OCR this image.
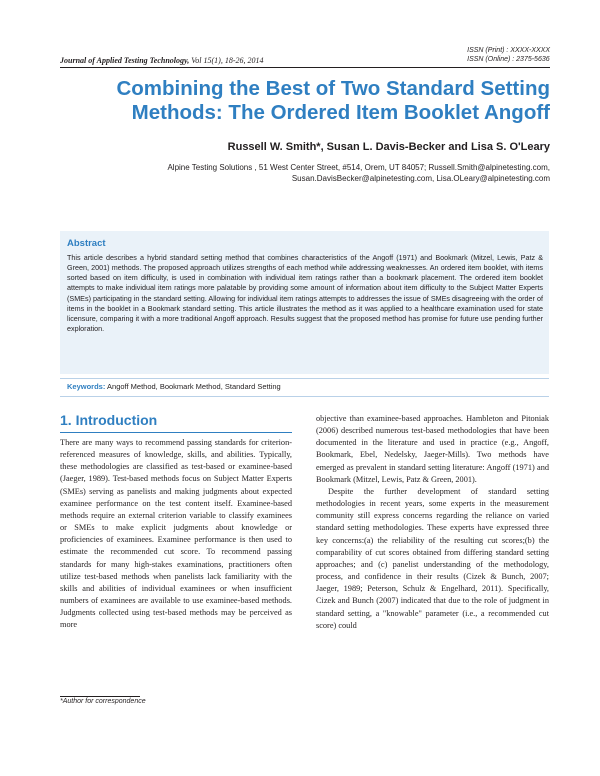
ISSN (Print) : XXXX-XXXX
ISSN (Online) : 2375-5636
Journal of Applied Testing Technology, Vol 15(1), 18-26, 2014
Combining the Best of Two Standard Setting
Methods: The Ordered Item Booklet Angoff
Russell W. Smith*, Susan L. Davis-Becker and Lisa S. O'Leary
Alpine Testing Solutions , 51 West Center Street, #514, Orem, UT 84057; Russell.Smith@alpinetesting.com,
Susan.DavisBecker@alpinetesting.com, Lisa.OLeary@alpinetesting.com
Abstract
This article describes a hybrid standard setting method that combines characteristics of the Angoff (1971) and Bookmark (Mitzel, Lewis, Patz & Green, 2001) methods. The proposed approach utilizes strengths of each method while addressing weaknesses. An ordered item booklet, with items sorted based on item difficulty, is used in combination with individual item ratings rather than a bookmark placement. The ordered item booklet attempts to make individual item ratings more palatable by providing some amount of information about item difficulty to the Subject Matter Experts (SMEs) participating in the standard setting. Allowing for individual item ratings attempts to addresses the issue of SMEs disagreeing with the order of items in the booklet in a Bookmark standard setting. This article illustrates the method as it was applied to a healthcare examination used for state licensure, comparing it with a more traditional Angoff approach. Results suggest that the proposed method has promise for future use pending further exploration.
Keywords: Angoff Method, Bookmark Method, Standard Setting
1. Introduction

There are many ways to recommend passing standards for criterion-referenced measures of knowledge, skills, and abilities. Typically, these methodologies are classified as test-based or examinee-based (Jaeger, 1989). Test-based methods focus on Subject Matter Experts (SMEs) serving as panelists and making judgments about expected examinee performance on the test content itself. Examinee-based methods require an external criterion variable to classify examinees or SMEs to make explicit judgments about knowledge or proficiencies of examinees. Examinee performance is then used to estimate the recommended cut score. To recommend passing standards for many high-stakes examinations, practitioners often utilize test-based methods when panelists lack familiarity with the skills and abilities of individual examinees or when insufficient numbers of examinees are available to use examinee-based methods. Judgments collected using test-based methods may be perceived as more

objective than examinee-based approaches. Hambleton and Pitoniak (2006) described numerous test-based methodologies that have been documented in the literature and used in practice (e.g., Angoff, Bookmark, Ebel, Nedelsky, Jaeger-Mills). Two methods have emerged as prevalent in standard setting literature: Angoff (1971) and Bookmark (Mitzel, Lewis, Patz & Green, 2001).

Despite the further development of standard setting methodologies in recent years, some experts in the measurement community still express concerns regarding the reliance on varied standard setting methodologies. These experts have expressed three key concerns:(a) the reliability of the resulting cut scores;(b) the comparability of cut scores obtained from differing standard setting approaches; and (c) panelist understanding of the methodology, process, and confidence in their results (Cizek & Bunch, 2007; Jaeger, 1989; Peterson, Schulz & Engelhard, 2011). Specifically, Cizek and Bunch (2007) indicated that due to the role of judgment in standard setting, a "knowable" parameter (i.e., a recommended cut score) could

*Author for correspondence
